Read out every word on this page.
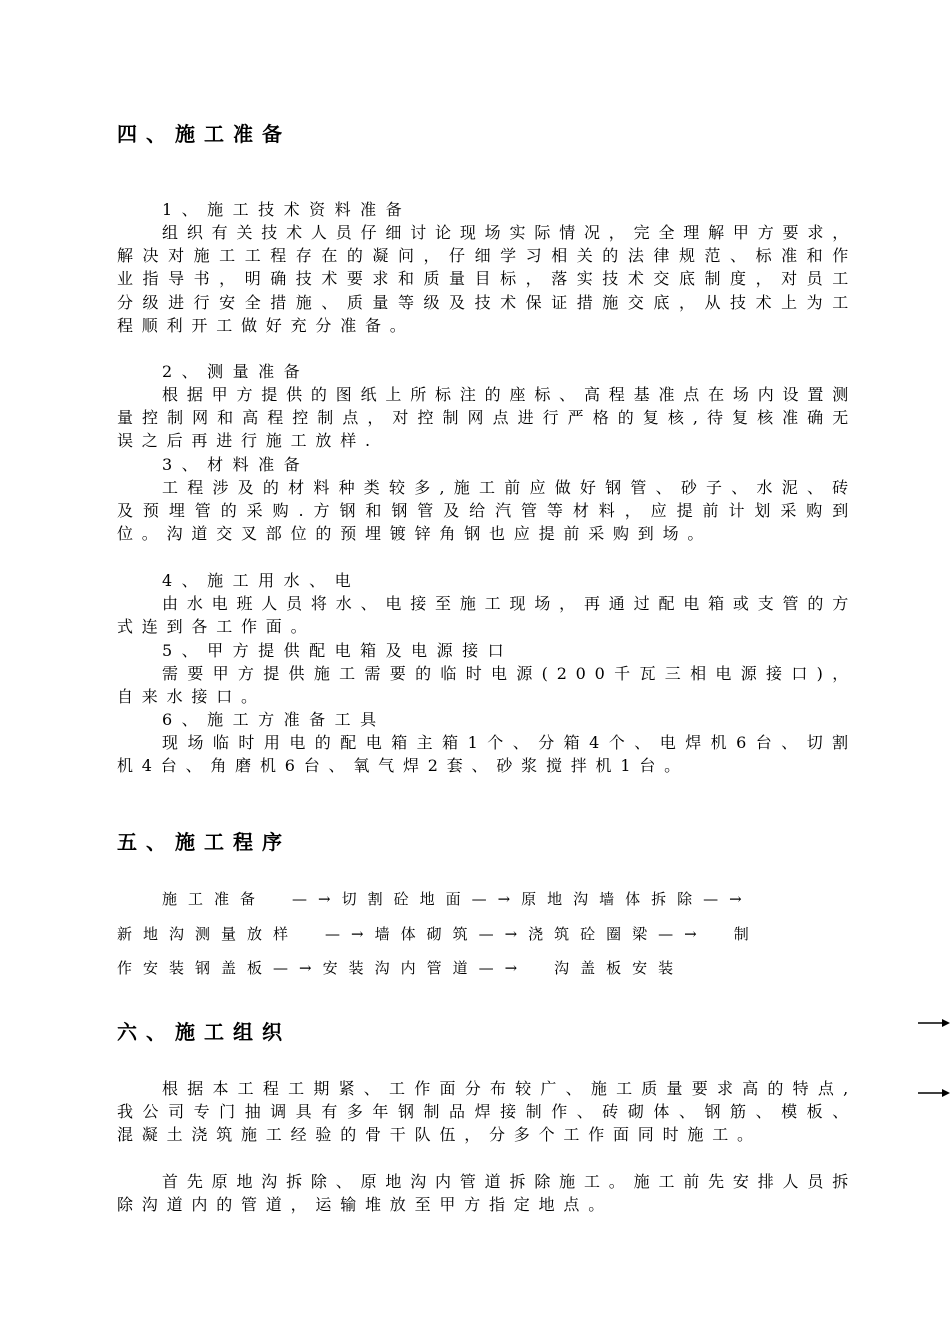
四、施工准备

1、施工技术资料准备

组织有关技术人员仔细讨论现场实际情况，完全理解甲方要求，解决对施工工程存在的凝问，仔细学习相关的法律规范、标准和作业指导书，明确技术要求和质量目标，落实技术交底制度，对员工分级进行安全措施、质量等级及技术保证措施交底，从技术上为工程顺利开工做好充分准备。

2、测量准备

根据甲方提供的图纸上所标注的座标、高程基准点在场内设置测量控制网和高程控制点，对控制网点进行严格的复核,待复核准确无误之后再进行施工放样.

3、材料准备

工程涉及的材料种类较多,施工前应做好钢管、砂子、水泥、砖及预埋管的采购.方钢和钢管及给汽管等材料，应提前计划采购到位。沟道交叉部位的预埋镀锌角钢也应提前采购到场。

4、施工用水、电

由水电班人员将水、电接至施工现场，再通过配电箱或支管的方式连到各工作面。

5、甲方提供配电箱及电源接口

需要甲方提供施工需要的临时电源(200千瓦三相电源接口)，自来水接口。

6、施工方准备工具

现场临时用电的配电箱主箱1个、分箱4个、电焊机6台、切割机4台、角磨机6台、氧气焊2套、砂浆搅拌机1台。

五、施工程序

施工准备　—→切割砼地面—→原地沟墙体拆除—→

新地沟测量放样　—→墙体砌筑—→浇筑砼圈梁—→　制

作安装钢盖板—→安装沟内管道—→　沟盖板安装

六、施工组织

根据本工程工期紧、工作面分布较广、施工质量要求高的特点,我公司专门抽调具有多年钢制品焊接制作、砖砌体、钢筋、模板、混凝土浇筑施工经验的骨干队伍，分多个工作面同时施工。

首先原地沟拆除、原地沟内管道拆除施工。施工前先安排人员拆除沟道内的管道，运输堆放至甲方指定地点。
